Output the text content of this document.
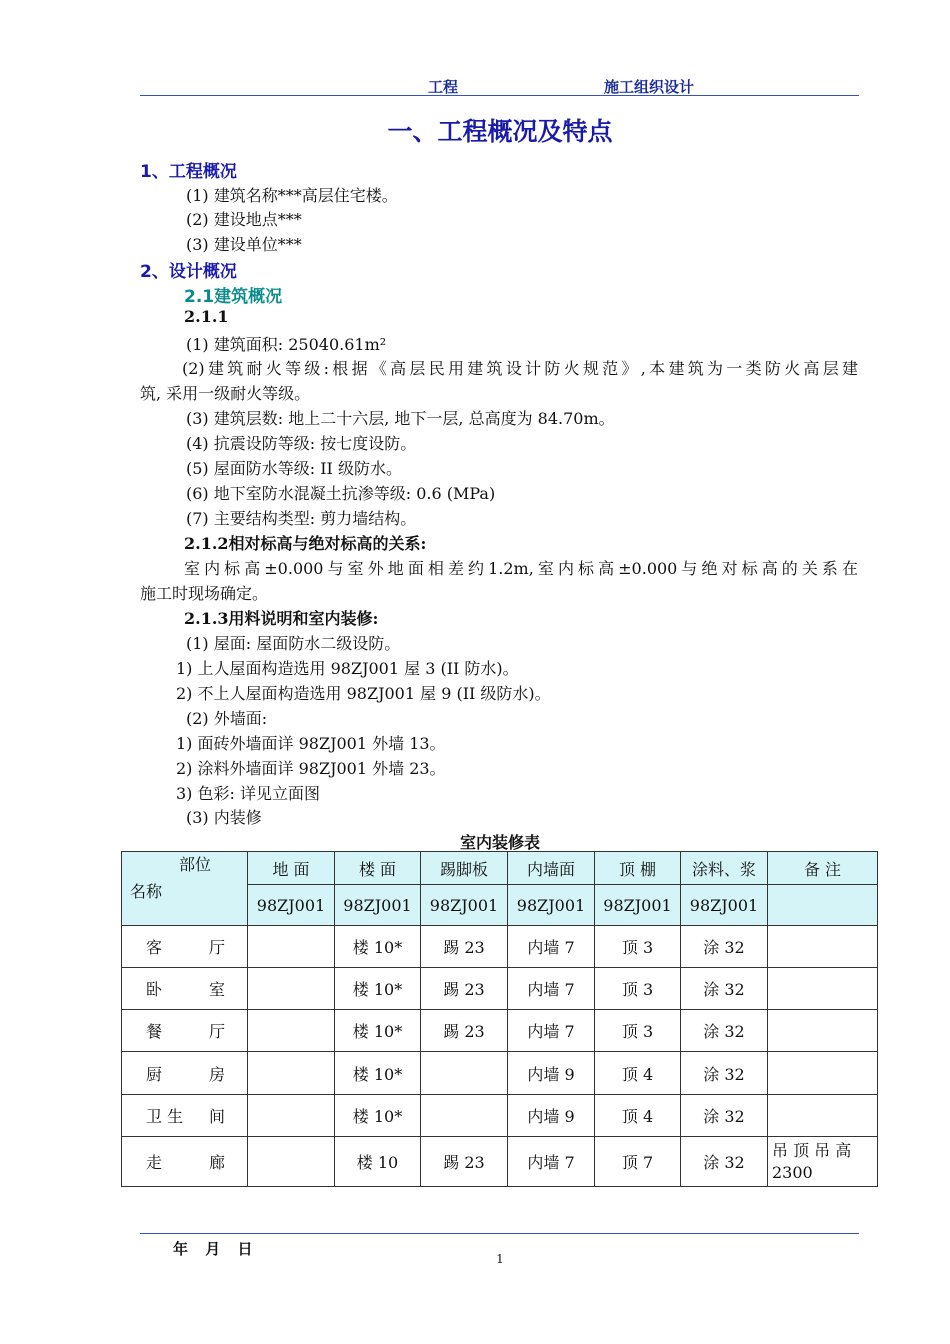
工程	施工组织设计
一、工程概况及特点
1、工程概况
(1) 建筑名称***高层住宅楼。
(2) 建设地点***
(3) 建设单位***
2、设计概况
2.1建筑概况
2.1.1
(1) 建筑面积: 25040.61m²
(2)建筑耐火等级:根据《高层民用建筑设计防火规范》,本建筑为一类防火高层建
筑, 采用一级耐火等级。
(3) 建筑层数: 地上二十六层, 地下一层, 总高度为 84.70m。
(4) 抗震设防等级: 按七度设防。
(5) 屋面防水等级: II 级防水。
(6) 地下室防水混凝土抗渗等级: 0.6 (MPa)
(7) 主要结构类型: 剪力墙结构。
2.1.2相对标高与绝对标高的关系:
室内标高±0.000与室外地面相差约1.2m,室内标高±0.000与绝对标高的关系在
施工时现场确定。
2.1.3用料说明和室内装修:
(1) 屋面: 屋面防水二级设防。
1) 上人屋面构造选用 98ZJ001 屋 3 (II 防水)。
2) 不上人屋面构造选用 98ZJ001 屋 9 (II 级防水)。
(2) 外墙面:
1) 面砖外墙面详 98ZJ001 外墙 13。
2) 涂料外墙面详 98ZJ001 外墙 23。
3) 色彩: 详见立面图
(3) 内装修
室内装修表
部位
名称	地 面	楼 面	踢脚板	内墙面	顶 棚	涂料、浆	备 注
	98ZJ001	98ZJ001	98ZJ001	98ZJ001	98ZJ001	98ZJ001	

客 厅		楼 10*	踢 23	内墙 7	顶 3	涂 32	

卧 室		楼 10*	踢 23	内墙 7	顶 3	涂 32	

餐 厅		楼 10*	踢 23	内墙 7	顶 3	涂 32	

厨 房		楼 10*		内墙 9	顶 4	涂 32	

卫 生 间		楼 10*		内墙 9	顶 4	涂 32	

走 廊		楼 10	踢 23	内墙 7	顶 7	涂 32	吊 顶 吊 高 2300
年 月 日
1
